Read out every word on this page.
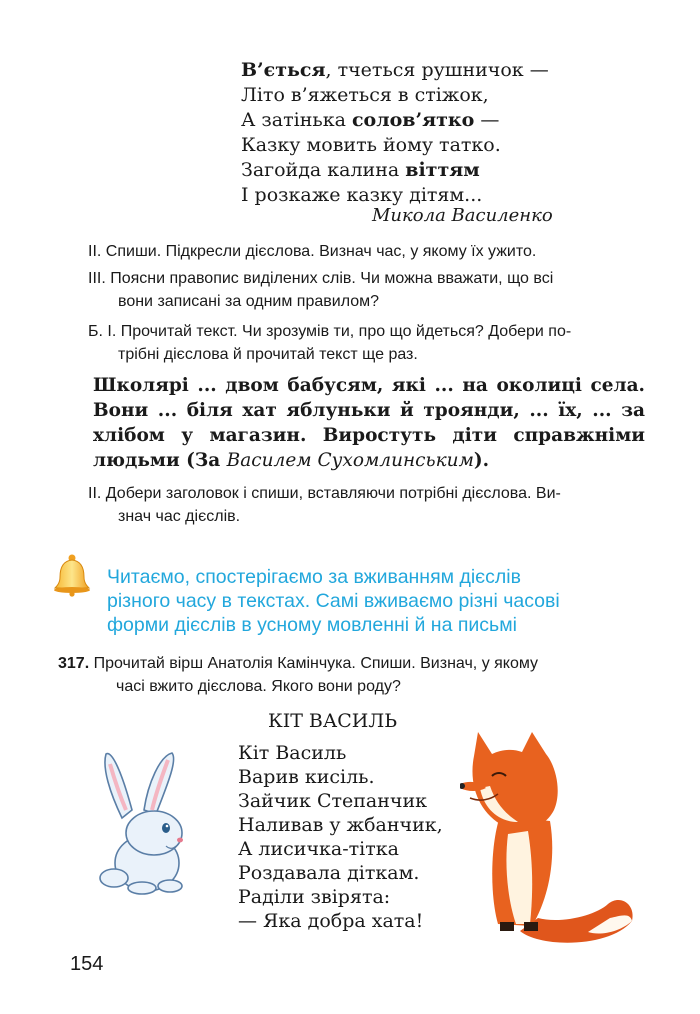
В’ється, тчеться рушничок —
Літо в’яжеться в стіжок,
А затінька солов’ятко —
Казку мовить йому татко.
Загойда калина віттям
І розкаже казку дітям...
Микола Василенко
ІІ. Спиши. Підкресли дієслова. Визнач час, у якому їх ужито.
ІІІ. Поясни правопис виділених слів. Чи можна вважати, що всі
вони записані за одним правилом?
Б. І. Прочитай текст. Чи зрозумів ти, про що йдеться? Добери по-
трібні дієслова й прочитай текст ще раз.
Школярі ... двом бабусям, які ... на околиці села. Вони ... біля хат яблуньки й троянди, ... їх, ... за хлібом у магазин. Виростуть діти справжніми людьми (За Василем Сухомлинським).
ІІ. Добери заголовок і спиши, вставляючи потрібні дієслова. Ви-
знач час дієслів.
Читаємо, спостерігаємо за вживанням дієслів
різного часу в текстах. Самі вживаємо різні часові
форми дієслів в усному мовленні й на письмі
317. Прочитай вірш Анатолія Камінчука. Спиши. Визнач, у якому
часі вжито дієслова. Якого вони роду?
КІТ ВАСИЛЬ
Кіт Василь
Варив кисіль.
Зайчик Степанчик
Наливав у жбанчик,
А лисичка-тітка
Роздавала діткам.
Раділи звірята:
— Яка добра хата!
154
